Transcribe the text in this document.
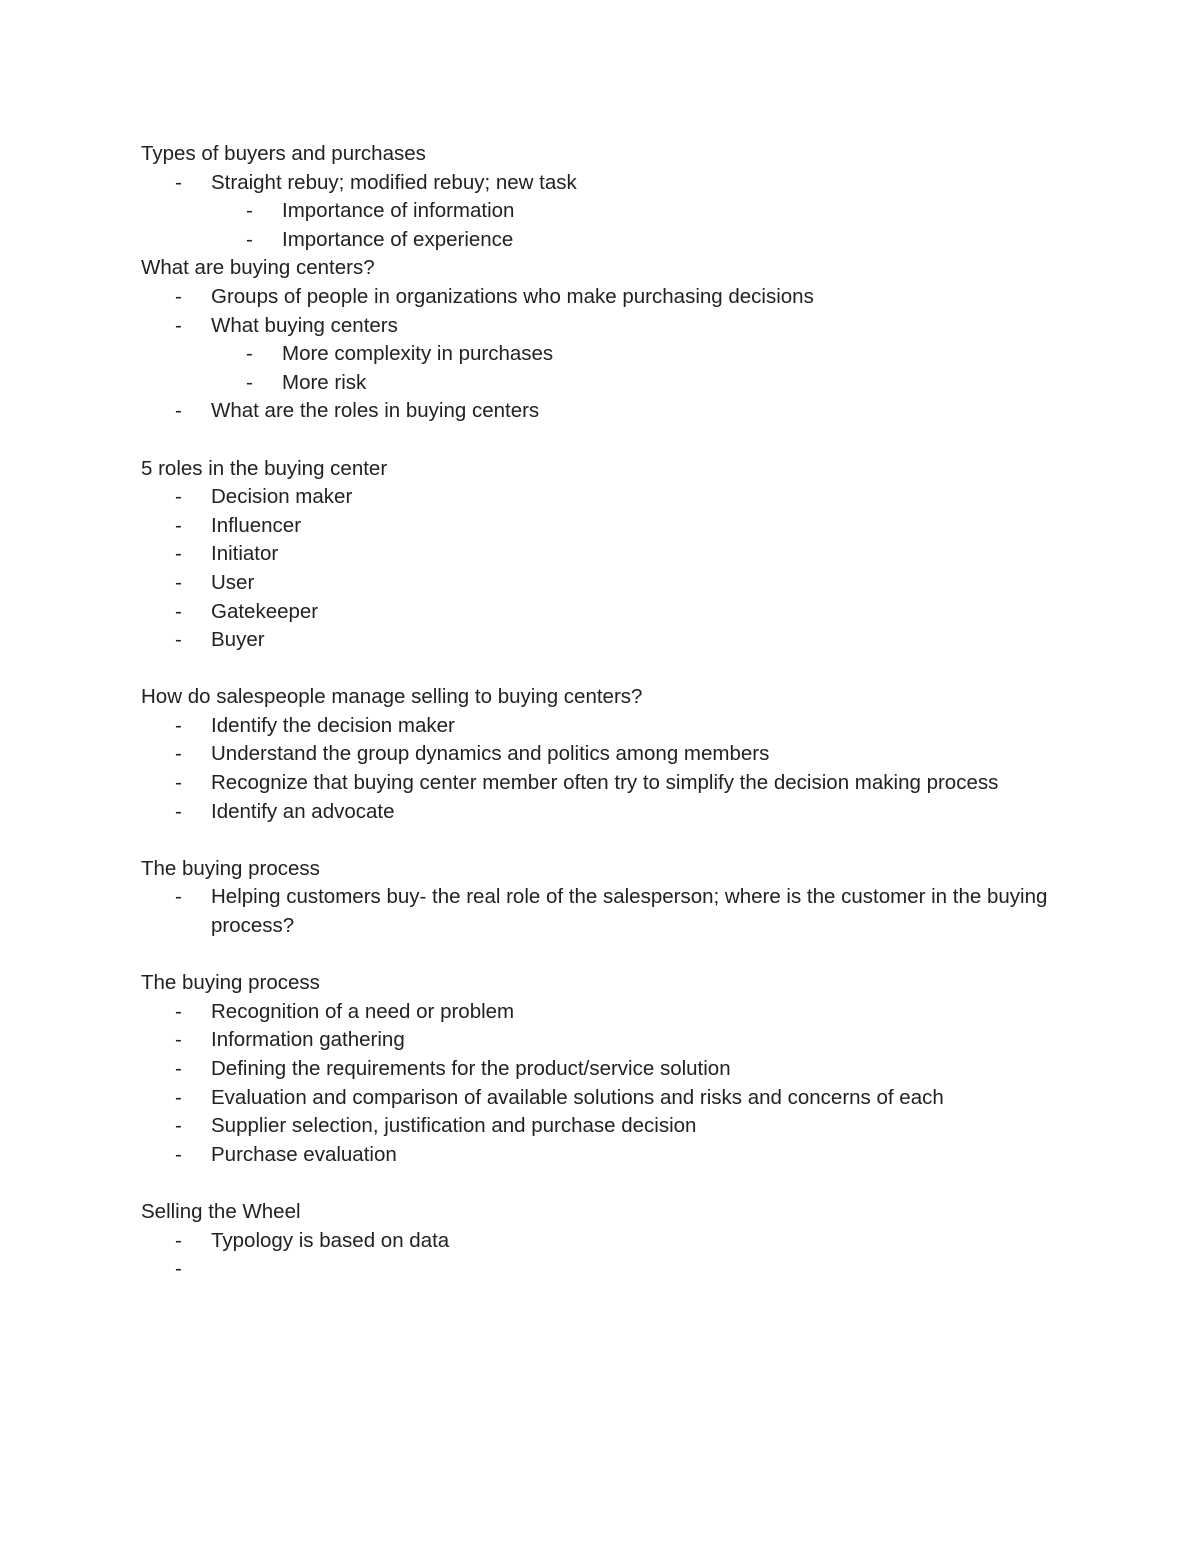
Types of buyers and purchases
- Straight rebuy; modified rebuy; new task
- Importance of information
- Importance of experience
What are buying centers?
- Groups of people in organizations who make purchasing decisions
- What buying centers
- More complexity in purchases
- More risk
- What are the roles in buying centers
5 roles in the buying center
- Decision maker
- Influencer
- Initiator
- User
- Gatekeeper
- Buyer
How do salespeople manage selling to buying centers?
- Identify the decision maker
- Understand the group dynamics and politics among members
- Recognize that buying center member often try to simplify the decision making process
- Identify an advocate
The buying process
- Helping customers buy- the real role of the salesperson; where is the customer in the buying process?
The buying process
- Recognition of a need or problem
- Information gathering
- Defining the requirements for the product/service solution
- Evaluation and comparison of available solutions and risks and concerns of each
- Supplier selection, justification and purchase decision
- Purchase evaluation
Selling the Wheel
- Typology is based on data
-
